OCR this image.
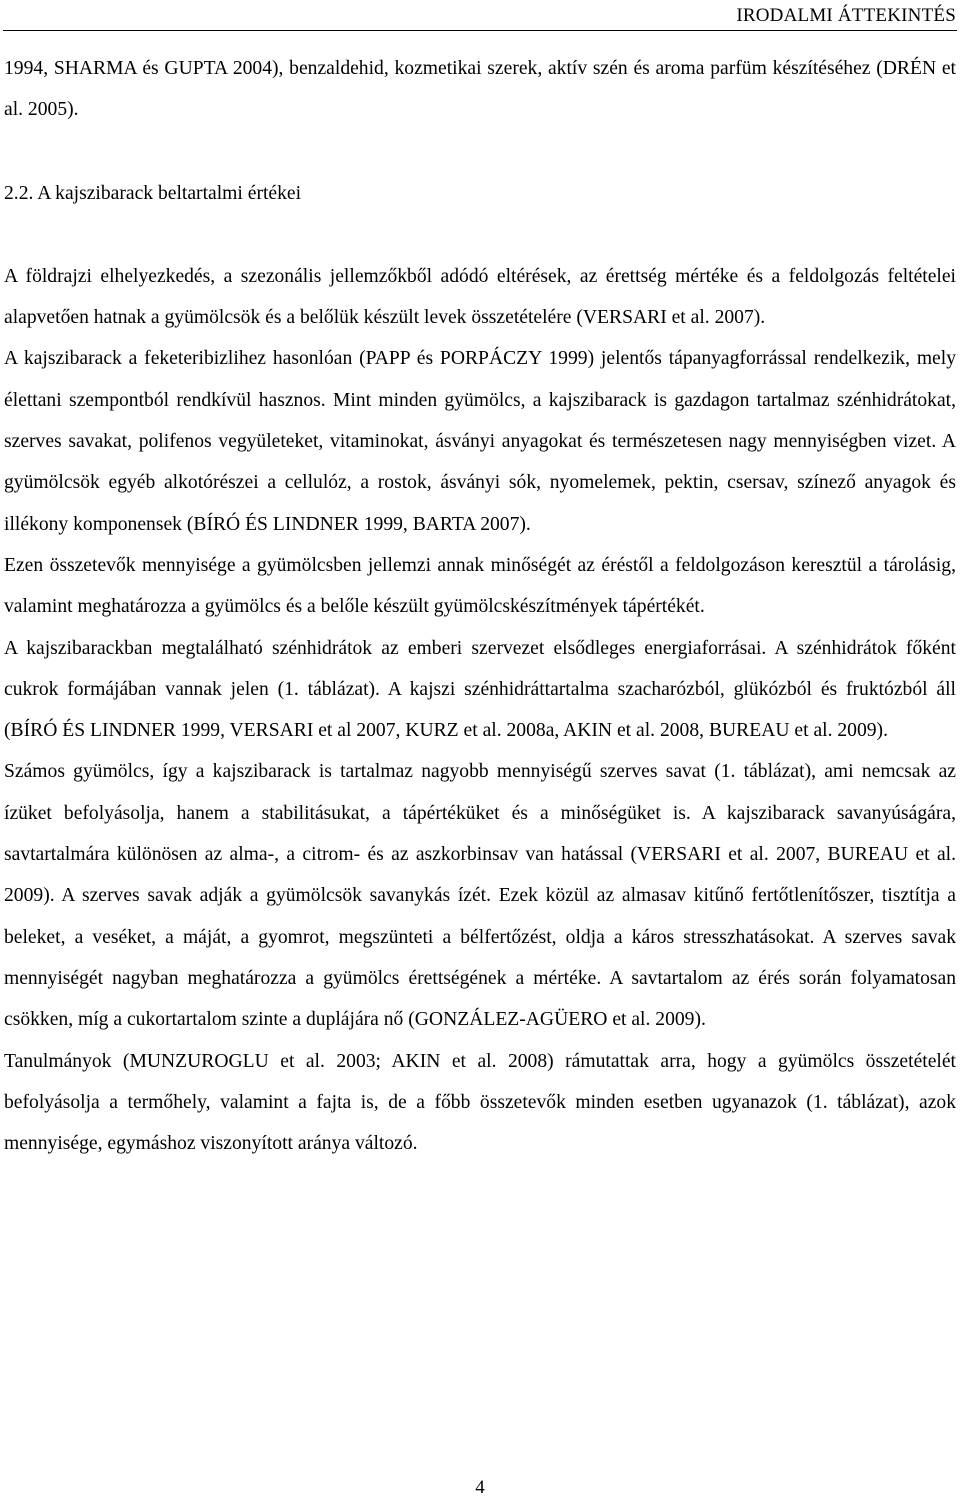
IRODALMI ÁTTEKINTÉS

1994, SHARMA és GUPTA 2004), benzaldehid, kozmetikai szerek, aktív szén és aroma parfüm készítéséhez (DRÉN et al. 2005).

2.2. A kajszibarack beltartalmi értékei

A földrajzi elhelyezkedés, a szezonális jellemzőkből adódó eltérések, az érettség mértéke és a feldolgozás feltételei alapvetően hatnak a gyümölcsök és a belőlük készült levek összetételére (VERSARI et al. 2007).

A kajszibarack a feketeribizlihez hasonlóan (PAPP és PORPÁCZY 1999) jelentős tápanyagforrással rendelkezik, mely élettani szempontból rendkívül hasznos. Mint minden gyümölcs, a kajszibarack is gazdagon tartalmaz szénhidrátokat, szerves savakat, polifenos vegyületeket, vitaminokat, ásványi anyagokat és természetesen nagy mennyiségben vizet. A gyümölcsök egyéb alkotórészei a cellulóz, a rostok, ásványi sók, nyomelemek, pektin, csersav, színező anyagok és illékony komponensek (BÍRÓ ÉS LINDNER 1999, BARTA 2007).

Ezen összetevők mennyisége a gyümölcsben jellemzi annak minőségét az éréstől a feldolgozáson keresztül a tárolásig, valamint meghatározza a gyümölcs és a belőle készült gyümölcskészítmények tápértékét.

A kajszibarackban megtalálható szénhidrátok az emberi szervezet elsődleges energiaforrásai. A szénhidrátok főként cukrok formájában vannak jelen (1. táblázat). A kajszi szénhidráttartalma szacharózból, glükózból és fruktózból áll (BÍRÓ ÉS LINDNER 1999, VERSARI et al 2007, KURZ et al. 2008a, AKIN et al. 2008, BUREAU et al. 2009).

Számos gyümölcs, így a kajszibarack is tartalmaz nagyobb mennyiségű szerves savat (1. táblázat), ami nemcsak az ízüket befolyásolja, hanem a stabilitásukat, a tápértéküket és a minőségüket is. A kajszibarack savanyúságára, savtartalmára különösen az alma-, a citrom- és az aszkorbinsav van hatással (VERSARI et al. 2007, BUREAU et al. 2009). A szerves savak adják a gyümölcsök savanykás ízét. Ezek közül az almasav kitűnő fertőtlenítőszer, tisztítja a beleket, a veséket, a máját, a gyomrot, megszünteti a bélfertőzést, oldja a káros stresszhatásokat. A szerves savak mennyiségét nagyban meghatározza a gyümölcs érettségének a mértéke. A savtartalom az érés során folyamatosan csökken, míg a cukortartalom szinte a duplájára nő (GONZÁLEZ-AGÜERO et al. 2009).

Tanulmányok (MUNZUROGLU et al. 2003; AKIN et al. 2008) rámutattak arra, hogy a gyümölcs összetételét befolyásolja a termőhely, valamint a fajta is, de a főbb összetevők minden esetben ugyanazok (1. táblázat), azok mennyisége, egymáshoz viszonyított aránya változó.

4
